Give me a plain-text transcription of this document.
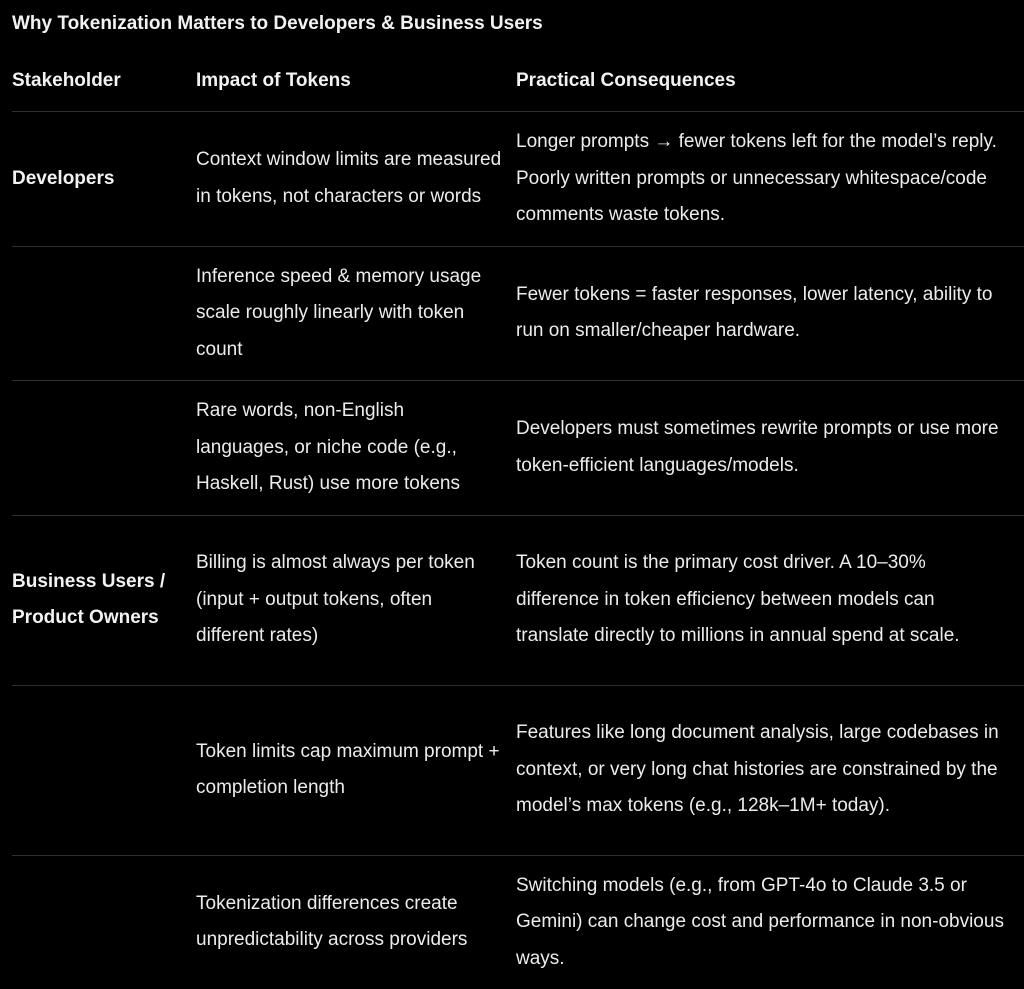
Why Tokenization Matters to Developers & Business Users
Stakeholder	Impact of Tokens	Practical Consequences

Developers	Context window limits are measured in tokens, not characters or words	Longer prompts → fewer tokens left for the model’s reply. Poorly written prompts or unnecessary whitespace/code comments waste tokens.

	Inference speed & memory usage scale roughly linearly with token count	Fewer tokens = faster responses, lower latency, ability to run on smaller/cheaper hardware.

	Rare words, non-English languages, or niche code (e.g., Haskell, Rust) use more tokens	Developers must sometimes rewrite prompts or use more token-efficient languages/models.

Business Users / Product Owners	Billing is almost always per token (input + output tokens, often different rates)	Token count is the primary cost driver. A 10–30% difference in token efficiency between models can translate directly to millions in annual spend at scale.

	Token limits cap maximum prompt + completion length	Features like long document analysis, large codebases in context, or very long chat histories are constrained by the model’s max tokens (e.g., 128k–1M+ today).

	Tokenization differences create unpredictability across providers	Switching models (e.g., from GPT-4o to Claude 3.5 or Gemini) can change cost and performance in non-obvious ways.
